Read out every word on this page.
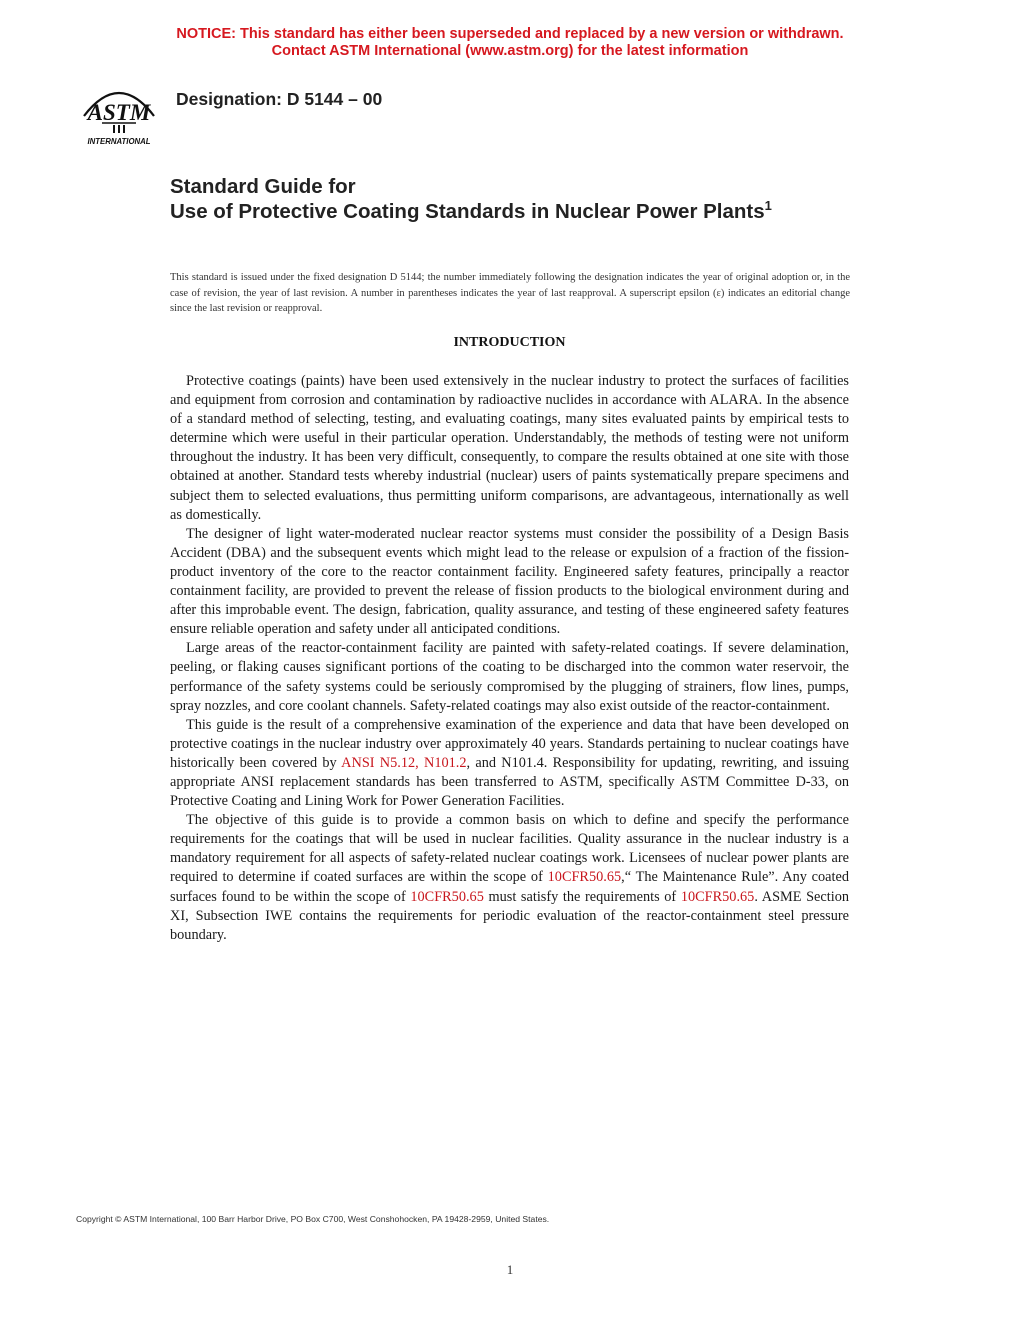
NOTICE: This standard has either been superseded and replaced by a new version or withdrawn.
Contact ASTM International (www.astm.org) for the latest information
ASTM
INTERNATIONAL
Designation: D 5144 – 00
Standard Guide for
Use of Protective Coating Standards in Nuclear Power Plants$^1$
This standard is issued under the fixed designation D 5144; the number immediately following the designation indicates the year of original adoption or, in the case of revision, the year of last revision. A number in parentheses indicates the year of last reapproval. A superscript epsilon (ε) indicates an editorial change since the last revision or reapproval.
INTRODUCTION

Protective coatings (paints) have been used extensively in the nuclear industry to protect the surfaces of facilities and equipment from corrosion and contamination by radioactive nuclides in accordance with ALARA. In the absence of a standard method of selecting, testing, and evaluating coatings, many sites evaluated paints by empirical tests to determine which were useful in their particular operation. Understandably, the methods of testing were not uniform throughout the industry. It has been very difficult, consequently, to compare the results obtained at one site with those obtained at another. Standard tests whereby industrial (nuclear) users of paints systematically prepare specimens and subject them to selected evaluations, thus permitting uniform comparisons, are advantageous, internationally as well as domestically.

The designer of light water-moderated nuclear reactor systems must consider the possibility of a Design Basis Accident (DBA) and the subsequent events which might lead to the release or expulsion of a fraction of the fission-product inventory of the core to the reactor containment facility. Engineered safety features, principally a reactor containment facility, are provided to prevent the release of fission products to the biological environment during and after this improbable event. The design, fabrication, quality assurance, and testing of these engineered safety features ensure reliable operation and safety under all anticipated conditions.

Large areas of the reactor-containment facility are painted with safety-related coatings. If severe delamination, peeling, or flaking causes significant portions of the coating to be discharged into the common water reservoir, the performance of the safety systems could be seriously compromised by the plugging of strainers, flow lines, pumps, spray nozzles, and core coolant channels. Safety-related coatings may also exist outside of the reactor-containment.

This guide is the result of a comprehensive examination of the experience and data that have been developed on protective coatings in the nuclear industry over approximately 40 years. Standards pertaining to nuclear coatings have historically been covered by ANSI N5.12, N101.2, and N101.4. Responsibility for updating, rewriting, and issuing appropriate ANSI replacement standards has been transferred to ASTM, specifically ASTM Committee D-33, on Protective Coating and Lining Work for Power Generation Facilities.

The objective of this guide is to provide a common basis on which to define and specify the performance requirements for the coatings that will be used in nuclear facilities. Quality assurance in the nuclear industry is a mandatory requirement for all aspects of safety-related nuclear coatings work. Licensees of nuclear power plants are required to determine if coated surfaces are within the scope of 10CFR50.65,“ The Maintenance Rule”. Any coated surfaces found to be within the scope of 10CFR50.65 must satisfy the requirements of 10CFR50.65. ASME Section XI, Subsection IWE contains the requirements for periodic evaluation of the reactor-containment steel pressure boundary.

Copyright © ASTM International, 100 Barr Harbor Drive, PO Box C700, West Conshohocken, PA 19428-2959, United States.
1
